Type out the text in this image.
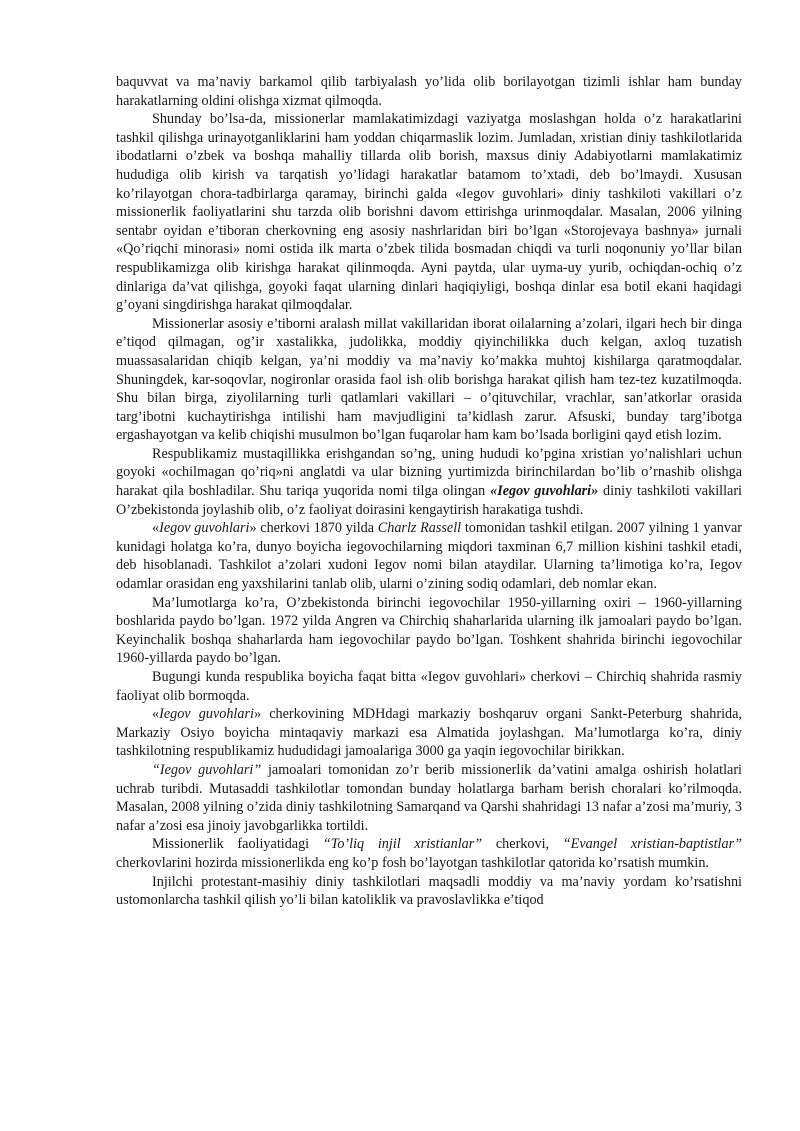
baquvvat va ma’naviy barkamol qilib tarbiyalash yo’lida olib borilayotgan tizimli ishlar ham bunday harakatlarning oldini olishga xizmat qilmoqda.

Shunday bo’lsa-da, missionerlar mamlakatimizdagi vaziyatga moslashgan holda o’z harakatlarini tashkil qilishga urinayotganliklarini ham yoddan chiqarmaslik lozim. Jumladan, xristian diniy tashkilotlarida ibodatlarni o’zbek va boshqa mahalliy tillarda olib borish, maxsus diniy Adabiyotlarni mamlakatimiz hududiga olib kirish va tarqatish yo’lidagi harakatlar batamom to’xtadi, deb bo’lmaydi. Xususan ko’rilayotgan chora-tadbirlarga qaramay, birinchi galda «Iegov guvohlari» diniy tashkiloti vakillari o’z missionerlik faoliyatlarini shu tarzda olib borishni davom ettirishga urinmoqdalar. Masalan, 2006 yilning sentabr oyidan e’tiboran cherkovning eng asosiy nashrlaridan biri bo’lgan «Storojevaya bashnya» jurnali «Qo’riqchi minorasi» nomi ostida ilk marta o’zbek tilida bosmadan chiqdi va turli noqonuniy yo’llar bilan respublikamizga olib kirishga harakat qilinmoqda. Ayni paytda, ular uyma-uy yurib, ochiqdan-ochiq o’z dinlariga da’vat qilishga, goyoki faqat ularning dinlari haqiqiyligi, boshqa dinlar esa botil ekani haqidagi g’oyani singdirishga harakat qilmoqdalar.

Missionerlar asosiy e’tiborni aralash millat vakillaridan iborat oilalarning a’zolari, ilgari hech bir dinga e’tiqod qilmagan, og’ir xastalikka, judolikka, moddiy qiyinchilikka duch kelgan, axloq tuzatish muassasalaridan chiqib kelgan, ya’ni moddiy va ma’naviy ko’makka muhtoj kishilarga qaratmoqdalar. Shuningdek, kar-soqovlar, nogironlar orasida faol ish olib borishga harakat qilish ham tez-tez kuzatilmoqda. Shu bilan birga, ziyolilarning turli qatlamlari vakillari – o’qituvchilar, vrachlar, san’atkorlar orasida targ’ibotni kuchaytirishga intilishi ham mavjudligini ta’kidlash zarur. Afsuski, bunday targ’ibotga ergashayotgan va kelib chiqishi musulmon bo’lgan fuqarolar ham kam bo’lsada borligini qayd etish lozim.

Respublikamiz mustaqillikka erishgandan so’ng, uning hududi ko’pgina xristian yo’nalishlari uchun goyoki «ochilmagan qo’riq»ni anglatdi va ular bizning yurtimizda birinchilardan bo’lib o’rnashib olishga harakat qila boshladilar. Shu tariqa yuqorida nomi tilga olingan «Iegov guvohlari» diniy tashkiloti vakillari O’zbekistonda joylashib olib, o’z faoliyat doirasini kengaytirish harakatiga tushdi.

«Iegov guvohlari» cherkovi 1870 yilda Charlz Rassell tomonidan tashkil etilgan. 2007 yilning 1 yanvar kunidagi holatga ko’ra, dunyo boyicha iegovochilarning miqdori taxminan 6,7 million kishini tashkil etadi, deb hisoblanadi. Tashkilot a’zolari xudoni Iegov nomi bilan ataydilar. Ularning ta’limotiga ko’ra, Iegov odamlar orasidan eng yaxshilarini tanlab olib, ularni o’zining sodiq odamlari, deb nomlar ekan.

Ma’lumotlarga ko’ra, O’zbekistonda birinchi iegovochilar 1950-yillarning oxiri – 1960-yillarning boshlarida paydo bo’lgan. 1972 yilda Angren va Chirchiq shaharlarida ularning ilk jamoalari paydo bo’lgan. Keyinchalik boshqa shaharlarda ham iegovochilar paydo bo’lgan. Toshkent shahrida birinchi iegovochilar 1960-yillarda paydo bo’lgan.

Bugungi kunda respublika boyicha faqat bitta «Iegov guvohlari» cherkovi – Chirchiq shahrida rasmiy faoliyat olib bormoqda.

«Iegov guvohlari» cherkovining MDHdagi markaziy boshqaruv organi Sankt-Peterburg shahrida, Markaziy Osiyo boyicha mintaqaviy markazi esa Almatida joylashgan. Ma’lumotlarga ko’ra, diniy tashkilotning respublikamiz hududidagi jamoalariga 3000 ga yaqin iegovochilar birikkan.

“Iegov guvohlari” jamoalari tomonidan zo’r berib missionerlik da’vatini amalga oshirish holatlari uchrab turibdi. Mutasaddi tashkilotlar tomondan bunday holatlarga barham berish choralari ko’rilmoqda. Masalan, 2008 yilning o’zida diniy tashkilotning Samarqand va Qarshi shahridagi 13 nafar a’zosi ma’muriy, 3 nafar a’zosi esa jinoiy javobgarlikka tortildi.

Missionerlik faoliyatidagi “To’liq injil xristianlar” cherkovi, “Evangel xristian-baptistlar” cherkovlarini hozirda missionerlikda eng ko’p fosh bo’layotgan tashkilotlar qatorida ko’rsatish mumkin.

Injilchi protestant-masihiy diniy tashkilotlari maqsadli moddiy va ma’naviy yordam ko’rsatishni ustomonlarcha tashkil qilish yo’li bilan katoliklik va pravoslavlikka e’tiqod
